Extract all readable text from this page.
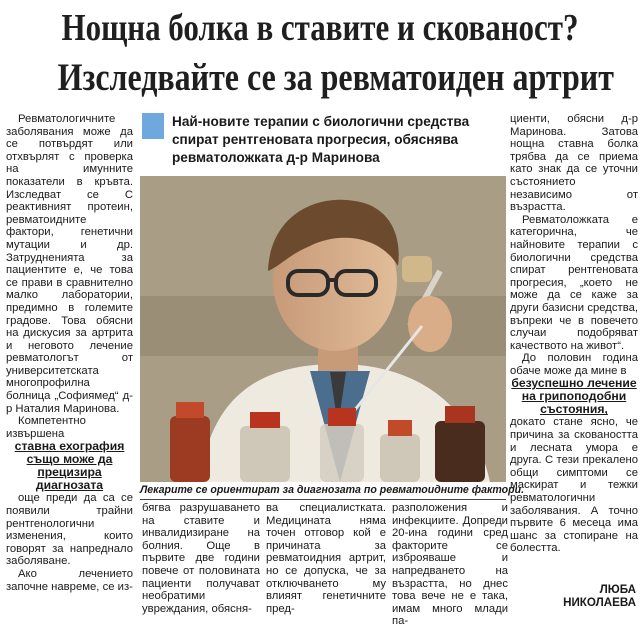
Нощна болка в ставите и скованост?
Изследвайте се за ревматоиден артрит

Ревматологичните заболявания може да се потвърдят или отхвърлят с проверка на имунните показатели в кръвта. Изследват се С реактивният протеин, ревматоидните фактори, генетични мутации и др. Затрудненията за пациентите е, че това се прави в сравнително малко лаборатории, предимно в големите градове. Това обясни на дискусия за артрита и неговото лечение ревматологът от университетската многопрофилна болница „Софиямед“ д-р Наталия Маринова.

Компетентно извършена

ставна ехография също може да прецизира диагнозата

още преди да са се появили трайни рентгенологични изменения, които говорят за напреднало заболяване.

Ако лечението започне навреме, се из-

Най-новите терапии с биологични средства спират рентгеновата прогресия, обяснява ревматоложката д-р Маринова
Лекарите се ориентират за диагнозата по ревматоидните фактори.

бягва разрушаването на ставите и инвалидизиране на болния. Още в първите две години повече от половината пациенти получават необратими увреждания, обясня-

ва специалистката. Медицината няма точен отговор кой е причината за ревматоидния артрит, но се допуска, че за отключването му влияят генетичните пред-

разположения и инфекциите. Допреди 20-ина години сред факторите се изброяваше и напредването на възрастта, но днес това вече не е така, имам много млади па-

циенти, обясни д-р Маринова. Затова нощна ставна болка трябва да се приема като знак да се уточни състоянието независимо от възрастта.

Ревматоложката е категорична, че найновите терапии с биологични средства спират рентгеновата прогресия, „което не може да се каже за други базисни средства, въпреки че в повечето случаи подобряват качеството на живот“.

До половин година обаче може да мине в

безуспешно лечение на грипоподобни състояния,

докато стане ясно, че причина за сковаността и лесната умора е друга. С тези прекалено общи симптоми се маскират и тежки ревматологични заболявания. А точно първите 6 месеца има шанс за стопиране на болестта.

ЛЮБА
НИКОЛАЕВА
